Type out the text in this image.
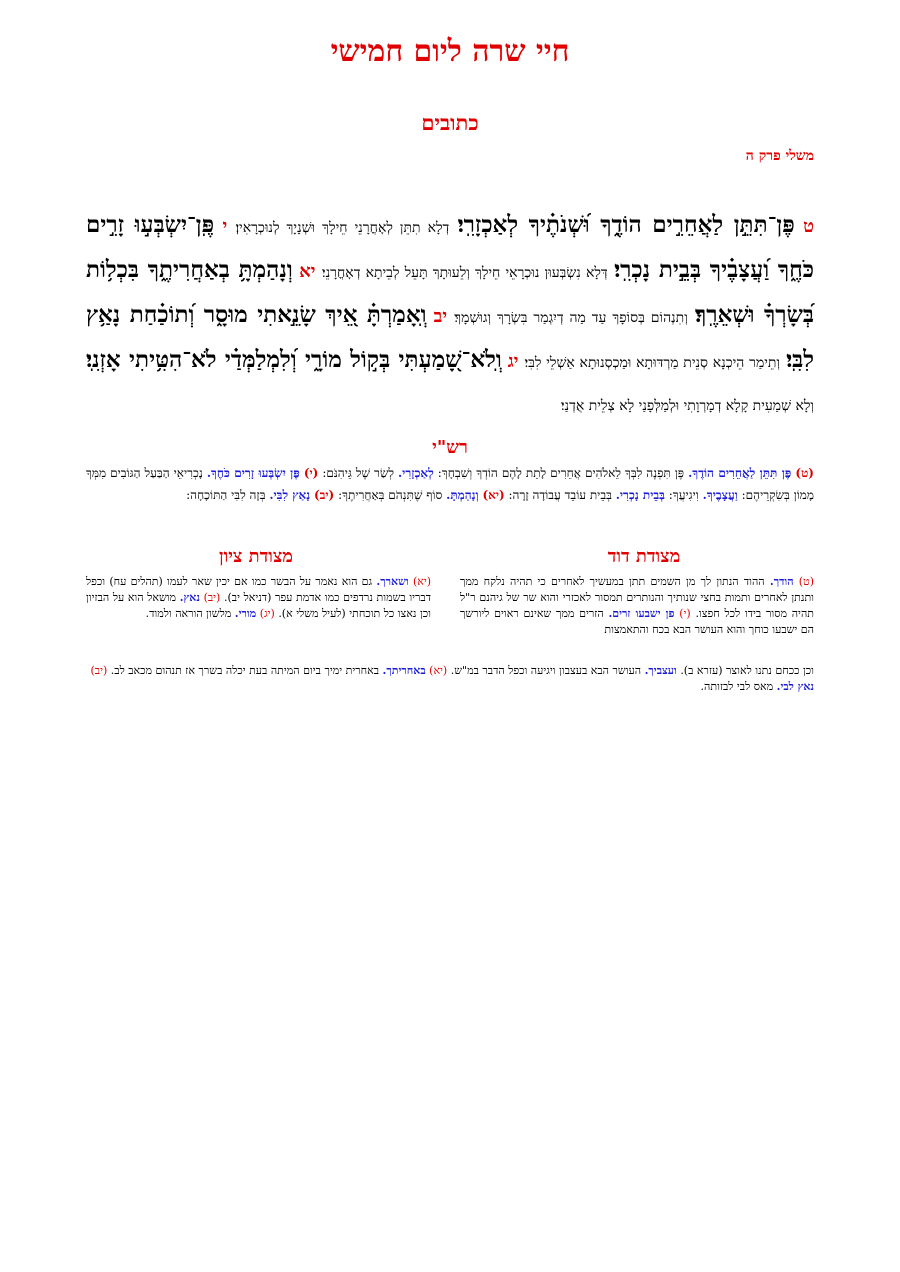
חיי שרה ליום חמישי
כתובים
משלי פרק ה
ט פֶּן־תִּתֵּ֣ן לַאֲחֵרִ֣ים הוֹדֶ֑ךָ וּ֝שְׁנֹתֶ֗יךָ לְאַכְזָרִֽי׃ דְלָא תִתֵּן לְאָחֳרָנֵי חֵילָךְ וּשְׁנָיָךְ לְנוּכְרָאִין׃ י פֶּֽן־יִשְׂבְּע֣וּ זָרִ֣ים כֹּחֶ֑ךָ וַ֝עֲצָבֶ֗יךָ בְּבֵ֣ית נָכְרִֽי׃ דְּלָא נִשְׂבְּעוּן נוּכְרָאֵי חֵילָךְ וְלֵעוּתָךְ תָּעֵל לְבֵיתָא דְאָחֳרָנֵי׃ יא וְנָהַמְתָּ֥ בְאַחֲרִיתֶ֑ךָ בִּכְל֥וֹת בְּ֝שָׂרְךָ֗ וּשְׁאֵרֶֽךָ׃ וְתִנְהוֹם בְּסוֹפָךְ עַד מַה דְיִגְמַר בִּשְׂרָךְ וְגוּשְׁמָךְ׃ יב וְֽאָמַרְתָּ֗ אֵ֭יךְ שָׂנֵ֣אתִי מוּסָ֑ר וְ֝תוֹכַ֗חַת נָאַ֥ץ לִבִּֽי׃ וְתֵימַר הֵיכְנָא סְנֵית מַרְדּוּתָא וּמַכְסְנוּתָא אַשְׁלֵי לִבִּי׃ יג וְֽלֹא־שָׁ֭מַעְתִּי בְּק֣וֹל מוֹרָ֑י וְ֝לִמְלַמְּדַ֗י לֹא־הִטִּ֥יתִי אָזְנִֽי׃ וְלָא שְׁמַעִית קָלָא דְמָרְוָתִי וּלְמַלְּפָנַי לָא צְלֵית אֻדְנַי׃
רש"י
(ט) פֶּן תִּתֵּן לַאֲחֵרִים הוֹדֶךָ. פֶּן תִּפְנֶה לִבְּךָ לֵאלֹהִים אֲחֵרִים לָתֵת לָהֶם הוֹדְךָ וְשִׁבְחָךְ: לְאַכְזָרִי. לְשַׂר שֶׁל גֵּיהִנֹּם: (י) פֶּן יִשְׂבְּעוּ זָרִים כֹּחֶךָ. נָכְרִיאֵי הַבַּעַל הַגּוֹבִים מִמְּךָ מָמוֹן בְּשִׂקְרֵיהֶם: וַעֲצָבֶיךָ. וִיגִיעֲךָ: בְּבֵית נָכְרִי. בְּבֵית עוֹבֵד עֲבוֹדָה זָרָה: (יא) וְנָהַמְתָּ. סוֹף שֶׁתִּנְהֹם בְּאַחֲרִיתֶךָ: (יב) נָאַץ לִבִּי. בְּזָה לִבִּי הַתּוֹכָחָה:
מצודת דוד
מצודת ציון
(ט) הודך. ההוד הנתון לך מן השמים תתן במעשיך לאחרים כי תהיה נלקח ממך ותנתן לאחרים ותמות בחצי שנותיך והנותרים תמסור לאכזרי והוא שר של גיהנם ר"ל תהיה מסור בידו לכל חפצו. (י) פן ישבעו זרים. הזרים ממך שאינם ראוים ליורשך הם ישבעו כוחך והוא העושר הבא בכח והתאמצות
(יא) ושארך. גם הוא נאמר על הבשר כמו אם יכין שאר לעמו (תהלים עח) וכפל דבריו בשמות נרדפים כמו אדמת עפר (דניאל יב). (יב) נאץ. מושאל הוא על הבזיון וכן נאצו כל תוכחתי (לעיל משלי א). (יג) מורי. מלשון הוראה ולמוד.
וכן ככחם נתנו לאוצר (עזרא ב). ועצביך. העושר הבא בעצבון ויגיעה וכפל הדבר במ"ש. (יא) באחריתך. באחרית ימיך ביום המיתה בעת יכלה בשרך אז תנהום מכאב לב. (יב) נאץ לבי. מאס לבי לבזותה.
